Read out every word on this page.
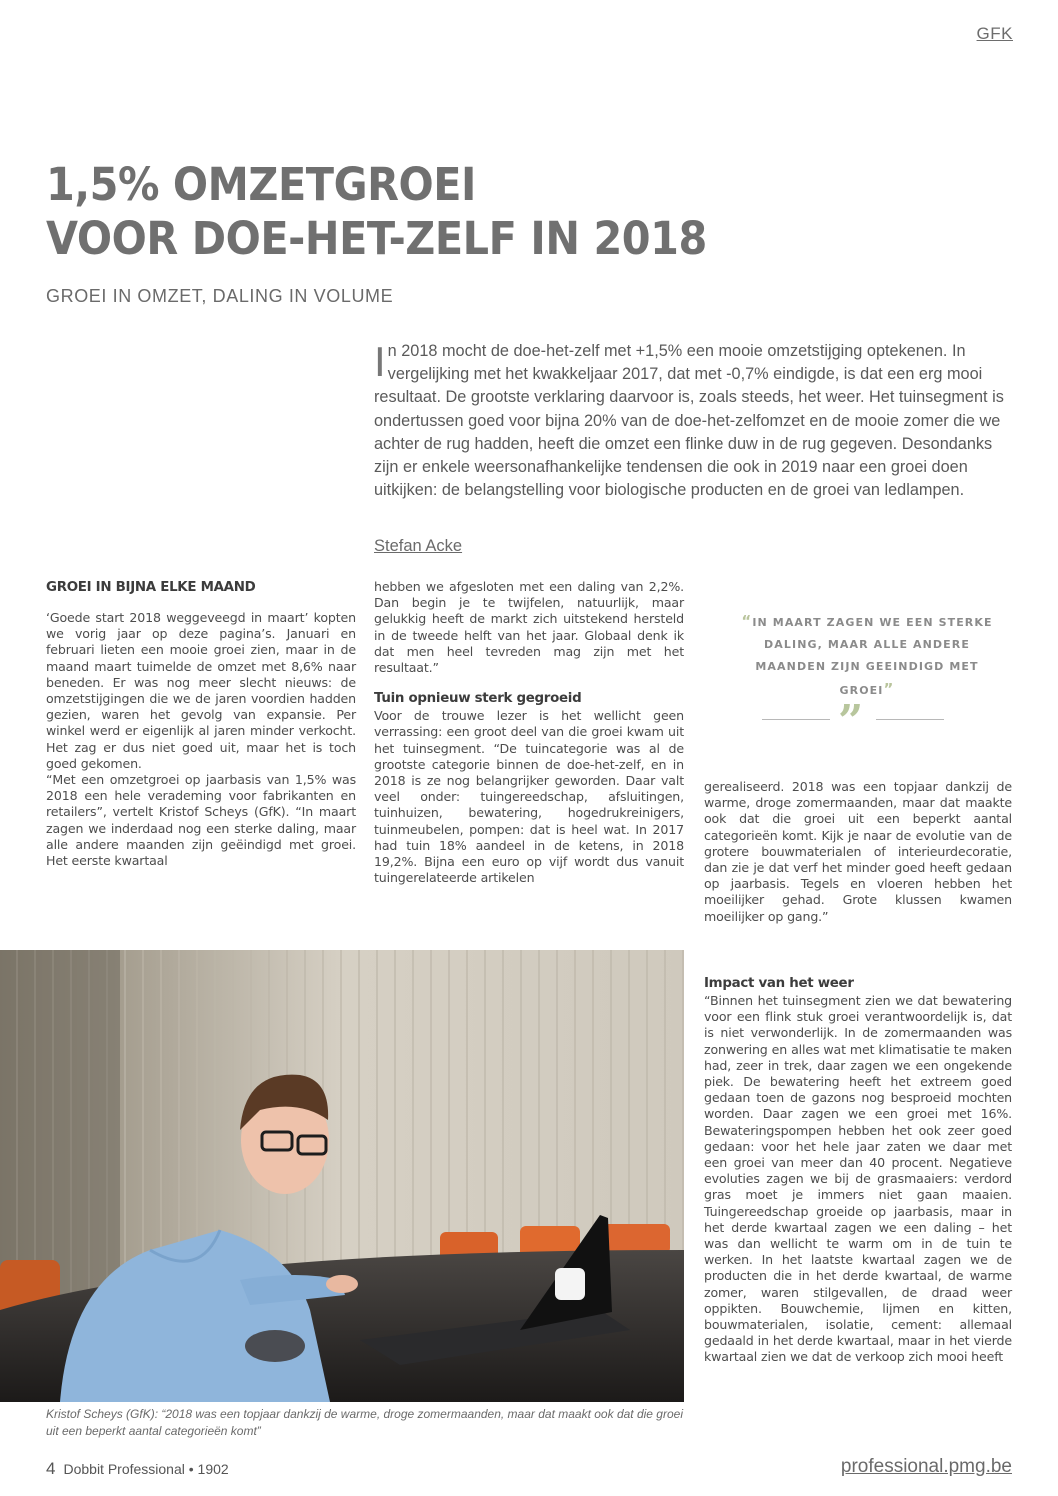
GFK
1,5% OMZETGROEI
VOOR DOE-HET-ZELF IN 2018
GROEI IN OMZET, DALING IN VOLUME
In 2018 mocht de doe-het-zelf met +1,5% een mooie omzetstijging optekenen. In vergelijking met het kwakkeljaar 2017, dat met -0,7% eindigde, is dat een erg mooi resultaat. De grootste verklaring daarvoor is, zoals steeds, het weer. Het tuinsegment is ondertussen goed voor bijna 20% van de doe-het-zelfomzet en de mooie zomer die we achter de rug hadden, heeft die omzet een flinke duw in de rug gegeven. Desondanks zijn er enkele weersonafhankelijke tendensen die ook in 2019 naar een groei doen uitkijken: de belangstelling voor biologische producten en de groei van ledlampen.
Stefan Acke
GROEI IN BIJNA ELKE MAAND

‘Goede start 2018 weggeveegd in maart’ kopten we vorig jaar op deze pagina’s. Januari en februari lieten een mooie groei zien, maar in de maand maart tuimelde de omzet met 8,6% naar beneden. Er was nog meer slecht nieuws: de omzetstijgingen die we de jaren voordien hadden gezien, waren het gevolg van expansie. Per winkel werd er eigenlijk al jaren minder verkocht. Het zag er dus niet goed uit, maar het is toch goed gekomen.

“Met een omzetgroei op jaarbasis van 1,5% was 2018 een hele verademing voor fabrikanten en retailers”, vertelt Kristof Scheys (GfK). “In maart zagen we inderdaad nog een sterke daling, maar alle andere maanden zijn geëindigd met groei. Het eerste kwartaal

hebben we afgesloten met een daling van 2,2%. Dan begin je te twijfelen, natuurlijk, maar gelukkig heeft de markt zich uitstekend hersteld in de tweede helft van het jaar. Globaal denk ik dat men heel tevreden mag zijn met het resultaat.”

Tuin opnieuw sterk gegroeid

Voor de trouwe lezer is het wellicht geen verrassing: een groot deel van die groei kwam uit het tuinsegment. “De tuincategorie was al de grootste categorie binnen de doe-het-zelf, en in 2018 is ze nog belangrijker geworden. Daar valt veel onder: tuingereedschap, afsluitingen, tuinhuizen, bewatering, hogedrukreinigers, tuinmeubelen, pompen: dat is heel wat. In 2017 had tuin 18% aandeel in de ketens, in 2018 19,2%. Bijna een euro op vijf wordt dus vanuit tuingerelateerde artikelen

“IN MAART ZAGEN WE EEN STERKE DALING, MAAR ALLE ANDERE MAANDEN ZIJN GEEINDIGD MET GROEI”
”

gerealiseerd. 2018 was een topjaar dankzij de warme, droge zomermaanden, maar dat maakte ook dat die groei uit een beperkt aantal categorieën komt. Kijk je naar de evolutie van de grotere bouwmaterialen of interieurdecoratie, dan zie je dat verf het minder goed heeft gedaan op jaarbasis. Tegels en vloeren hebben het moeilijker gehad. Grote klussen kwamen moeilijker op gang.”

Impact van het weer

“Binnen het tuinsegment zien we dat bewatering voor een flink stuk groei verantwoordelijk is, dat is niet verwonderlijk. In de zomermaanden was zonwering en alles wat met klimatisatie te maken had, zeer in trek, daar zagen we een ongekende piek. De bewatering heeft het extreem goed gedaan toen de gazons nog besproeid mochten worden. Daar zagen we een groei met 16%. Bewateringspompen hebben het ook zeer goed gedaan: voor het hele jaar zaten we daar met een groei van meer dan 40 procent. Negatieve evoluties zagen we bij de grasmaaiers: verdord gras moet je immers niet gaan maaien. Tuingereedschap groeide op jaarbasis, maar in het derde kwartaal zagen we een daling – het was dan wellicht te warm om in de tuin te werken. In het laatste kwartaal zagen we de producten die in het derde kwartaal, de warme zomer, waren stilgevallen, de draad weer oppikten. Bouwchemie, lijmen en kitten, bouwmaterialen, isolatie, cement: allemaal gedaald in het derde kwartaal, maar in het vierde kwartaal zien we dat de verkoop zich mooi heeft

Kristof Scheys (GfK): “2018 was een topjaar dankzij de warme, droge zomermaanden, maar dat maakt ook dat die groei uit een beperkt aantal categorieën komt”
4 Dobbit Professional • 1902	professional.pmg.be
